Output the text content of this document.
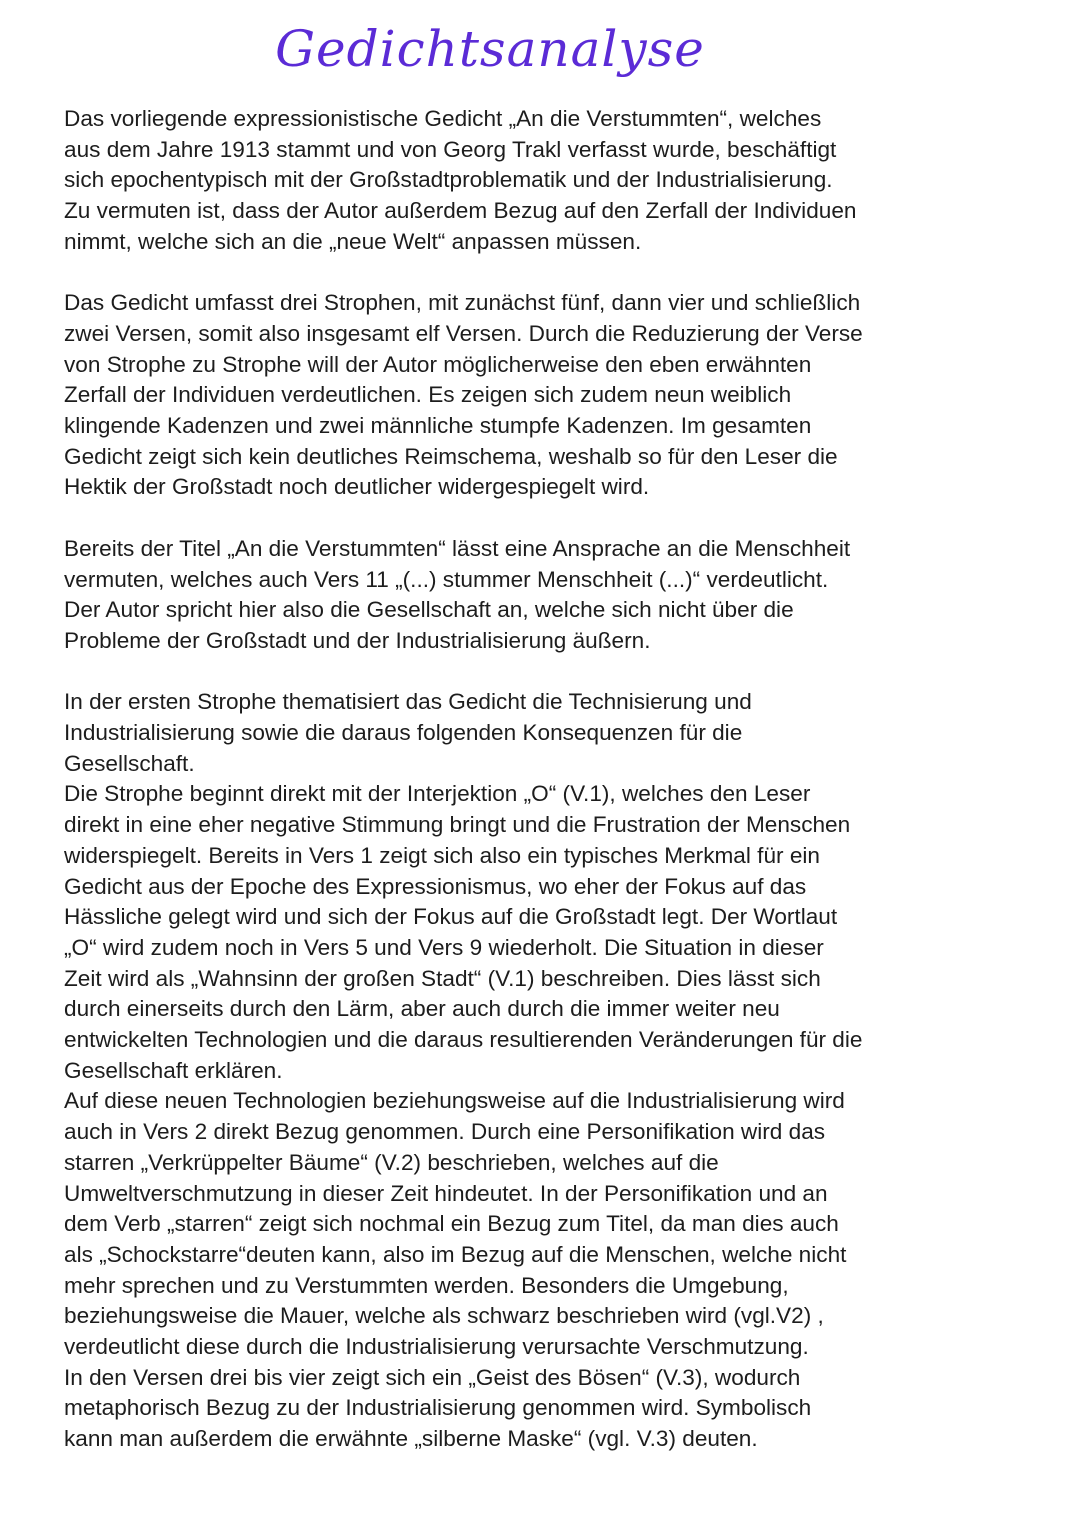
Gedichtsanalyse

Das vorliegende expressionistische Gedicht „An die Verstummten“, welches
aus dem Jahre 1913 stammt und von Georg Trakl verfasst wurde, beschäftigt
sich epochentypisch mit der Großstadtproblematik und der Industrialisierung.
Zu vermuten ist, dass der Autor außerdem Bezug auf den Zerfall der Individuen
nimmt, welche sich an die „neue Welt“ anpassen müssen.

Das Gedicht umfasst drei Strophen, mit zunächst fünf, dann vier und schließlich
zwei Versen, somit also insgesamt elf Versen. Durch die Reduzierung der Verse
von Strophe zu Strophe will der Autor möglicherweise den eben erwähnten
Zerfall der Individuen verdeutlichen. Es zeigen sich zudem neun weiblich
klingende Kadenzen und zwei männliche stumpfe Kadenzen. Im gesamten
Gedicht zeigt sich kein deutliches Reimschema, weshalb so für den Leser die
Hektik der Großstadt noch deutlicher widergespiegelt wird.

Bereits der Titel „An die Verstummten“ lässt eine Ansprache an die Menschheit
vermuten, welches auch Vers 11 „(...) stummer Menschheit (...)“ verdeutlicht.
Der Autor spricht hier also die Gesellschaft an, welche sich nicht über die
Probleme der Großstadt und der Industrialisierung äußern.

In der ersten Strophe thematisiert das Gedicht die Technisierung und
Industrialisierung sowie die daraus folgenden Konsequenzen für die
Gesellschaft.
Die Strophe beginnt direkt mit der Interjektion „O“ (V.1), welches den Leser
direkt in eine eher negative Stimmung bringt und die Frustration der Menschen
widerspiegelt. Bereits in Vers 1 zeigt sich also ein typisches Merkmal für ein
Gedicht aus der Epoche des Expressionismus, wo eher der Fokus auf das
Hässliche gelegt wird und sich der Fokus auf die Großstadt legt. Der Wortlaut
„O“ wird zudem noch in Vers 5 und Vers 9 wiederholt. Die Situation in dieser
Zeit wird als „Wahnsinn der großen Stadt“ (V.1) beschreiben. Dies lässt sich
durch einerseits durch den Lärm, aber auch durch die immer weiter neu
entwickelten Technologien und die daraus resultierenden Veränderungen für die
Gesellschaft erklären.
Auf diese neuen Technologien beziehungsweise auf die Industrialisierung wird
auch in Vers 2 direkt Bezug genommen. Durch eine Personifikation wird das
starren „Verkrüppelter Bäume“ (V.2) beschrieben, welches auf die
Umweltverschmutzung in dieser Zeit hindeutet. In der Personifikation und an
dem Verb „starren“ zeigt sich nochmal ein Bezug zum Titel, da man dies auch
als „Schockstarre“deuten kann, also im Bezug auf die Menschen, welche nicht
mehr sprechen und zu Verstummten werden. Besonders die Umgebung,
beziehungsweise die Mauer, welche als schwarz beschrieben wird (vgl.V2) ,
verdeutlicht diese durch die Industrialisierung verursachte Verschmutzung.
In den Versen drei bis vier zeigt sich ein „Geist des Bösen“ (V.3), wodurch
metaphorisch Bezug zu der Industrialisierung genommen wird. Symbolisch
kann man außerdem die erwähnte „silberne Maske“ (vgl. V.3) deuten.
